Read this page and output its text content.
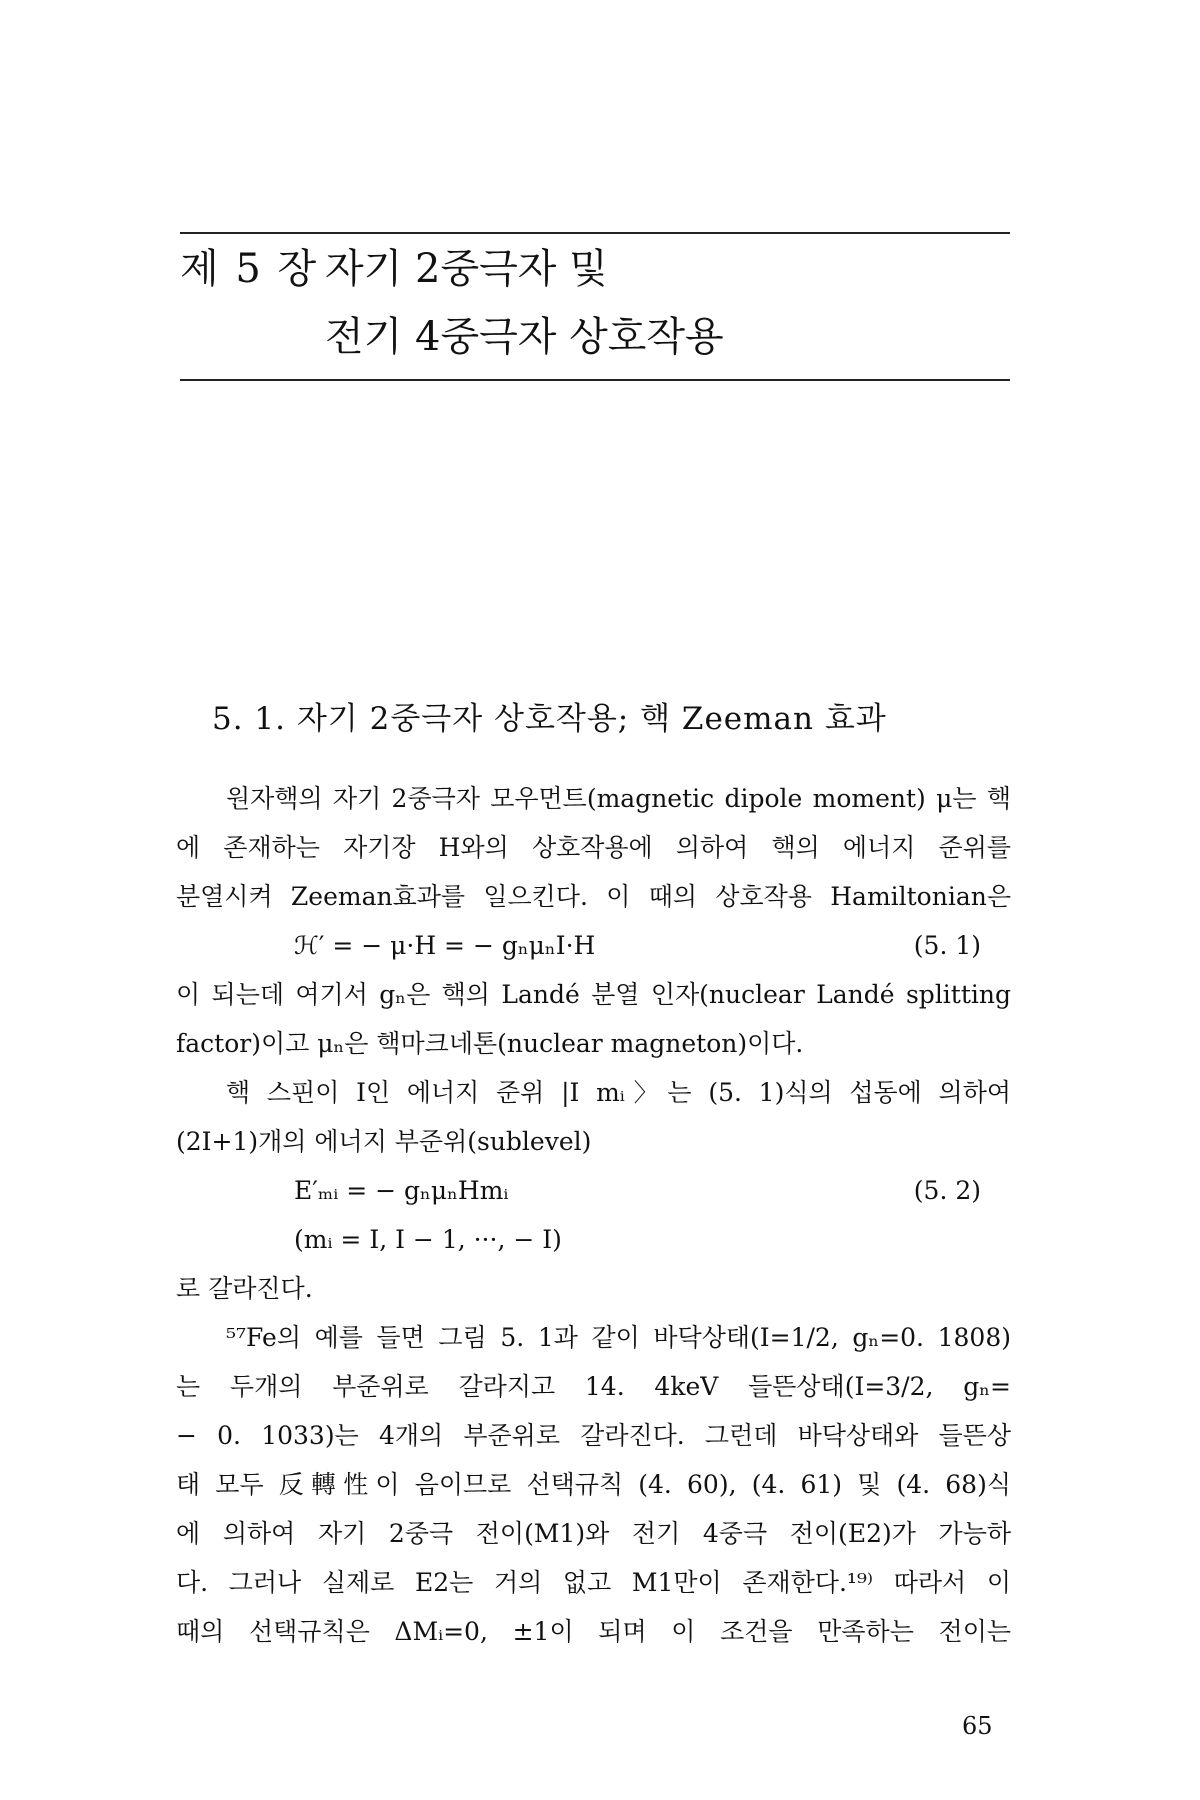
제 5 장 자기 2중극자 및
전기 4중극자 상호작용
5. 1. 자기 2중극자 상호작용; 핵 Zeeman 효과
원자핵의 자기 2중극자 모우먼트(magnetic dipole moment) μ는 핵
에 존재하는 자기장 H와의 상호작용에 의하여 핵의 에너지 준위를
분열시켜 Zeeman효과를 일으킨다. 이 때의 상호작용 Hamiltonian은
ℋ′ = − μ·H = − gₙμₙI·H	(5. 1)
이 되는데 여기서 gₙ은 핵의 Landé 분열 인자(nuclear Landé splitting
factor)이고 μₙ은 핵마크네톤(nuclear magneton)이다.
핵 스핀이 I인 에너지 준위 |I mᵢ〉는 (5. 1)식의 섭동에 의하여
(2I+1)개의 에너지 부준위(sublevel)
E′ₘᵢ = − gₙμₙHmᵢ	(5. 2)
(mᵢ = I, I − 1, ···, − I)
로 갈라진다.
⁵⁷Fe의 예를 들면 그림 5. 1과 같이 바닥상태(I=1/2, gₙ=0. 1808)
는 두개의 부준위로 갈라지고 14. 4keV 들뜬상태(I=3/2, gₙ=
− 0. 1033)는 4개의 부준위로 갈라진다. 그런데 바닥상태와 들뜬상
태 모두 反轉性이 음이므로 선택규칙 (4. 60), (4. 61) 및 (4. 68)식
에 의하여 자기 2중극 전이(M1)와 전기 4중극 전이(E2)가 가능하
다. 그러나 실제로 E2는 거의 없고 M1만이 존재한다.¹⁹⁾ 따라서 이
때의 선택규칙은 ΔMᵢ=0, ±1이 되며 이 조건을 만족하는 전이는
65
